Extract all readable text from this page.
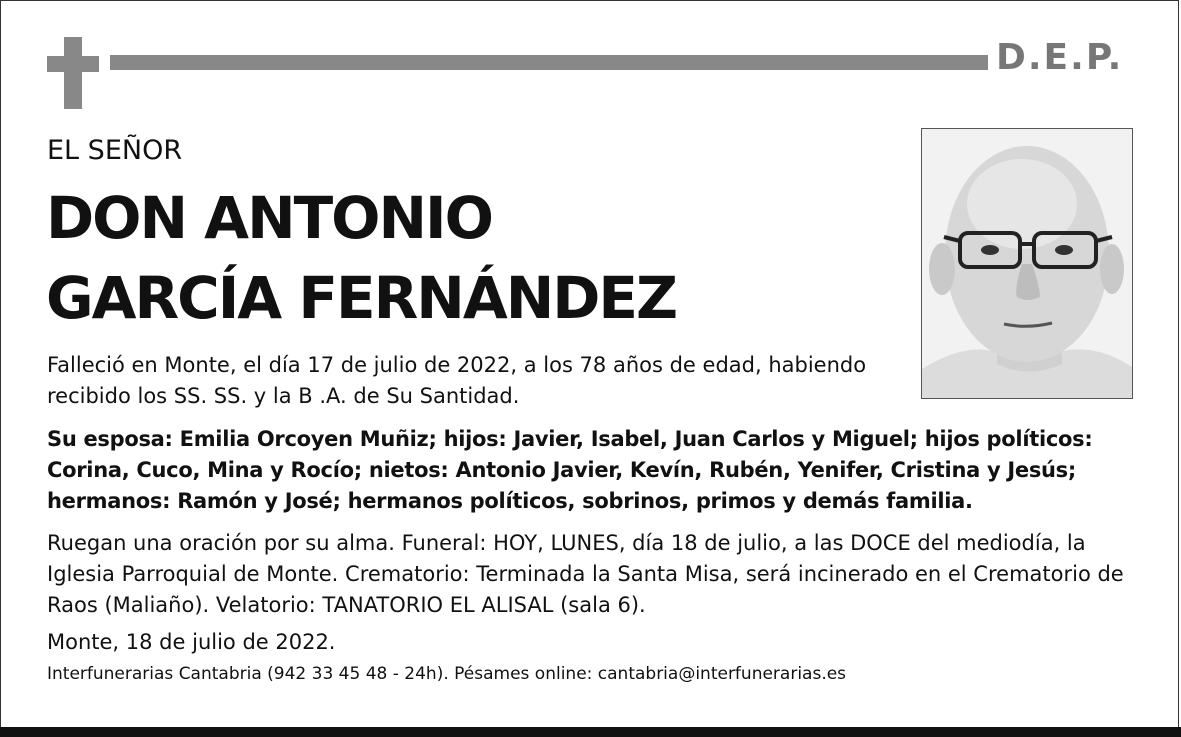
D.E.P.
EL SEÑOR
DON ANTONIO
GARCÍA FERNÁNDEZ
Falleció en Monte, el día 17 de julio de 2022, a los 78 años de edad, habiendo recibido los SS. SS. y la B .A. de Su Santidad.
Su esposa: Emilia Orcoyen Muñiz; hijos: Javier, Isabel, Juan Carlos y Miguel; hijos políticos: Corina, Cuco, Mina y Rocío; nietos: Antonio Javier, Kevín, Rubén, Yenifer, Cristina y Jesús; hermanos: Ramón y José; hermanos políticos, sobrinos, primos y demás familia.
Ruegan una oración por su alma. Funeral: HOY, LUNES, día 18 de julio, a las DOCE del mediodía, la Iglesia Parroquial de Monte. Crematorio: Terminada la Santa Misa, será incinerado en el Crematorio de Raos (Maliaño). Velatorio: TANATORIO EL ALISAL (sala 6).
Monte, 18 de julio de 2022.
Interfunerarias Cantabria (942 33 45 48 - 24h). Pésames online: cantabria@interfunerarias.es
